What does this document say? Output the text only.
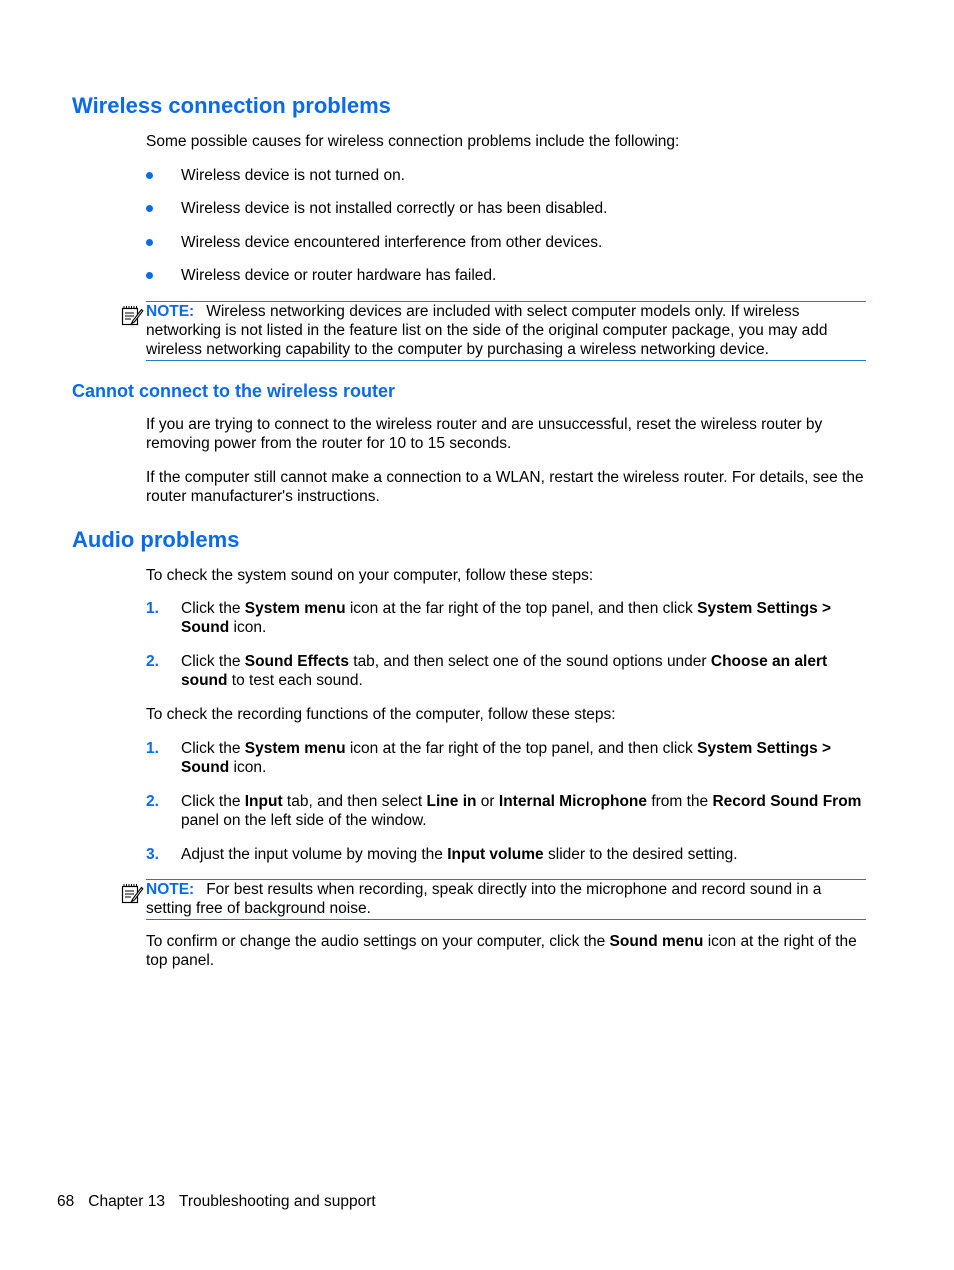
Wireless connection problems

Some possible causes for wireless connection problems include the following:

Wireless device is not turned on.
Wireless device is not installed correctly or has been disabled.
Wireless device encountered interference from other devices.
Wireless device or router hardware has failed.
NOTE: Wireless networking devices are included with select computer models only. If wireless networking is not listed in the feature list on the side of the original computer package, you may add wireless networking capability to the computer by purchasing a wireless networking device.
Cannot connect to the wireless router

If you are trying to connect to the wireless router and are unsuccessful, reset the wireless router by removing power from the router for 10 to 15 seconds.

If the computer still cannot make a connection to a WLAN, restart the wireless router. For details, see the router manufacturer's instructions.

Audio problems

To check the system sound on your computer, follow these steps:

1. Click the System menu icon at the far right of the top panel, and then click System Settings > Sound icon.
2. Click the Sound Effects tab, and then select one of the sound options under Choose an alert sound to test each sound.

To check the recording functions of the computer, follow these steps:

1. Click the System menu icon at the far right of the top panel, and then click System Settings > Sound icon.
2. Click the Input tab, and then select Line in or Internal Microphone from the Record Sound From panel on the left side of the window.
3. Adjust the input volume by moving the Input volume slider to the desired setting.
NOTE: For best results when recording, speak directly into the microphone and record sound in a setting free of background noise.

To confirm or change the audio settings on your computer, click the Sound menu icon at the right of the top panel.

68 Chapter 13 Troubleshooting and support
